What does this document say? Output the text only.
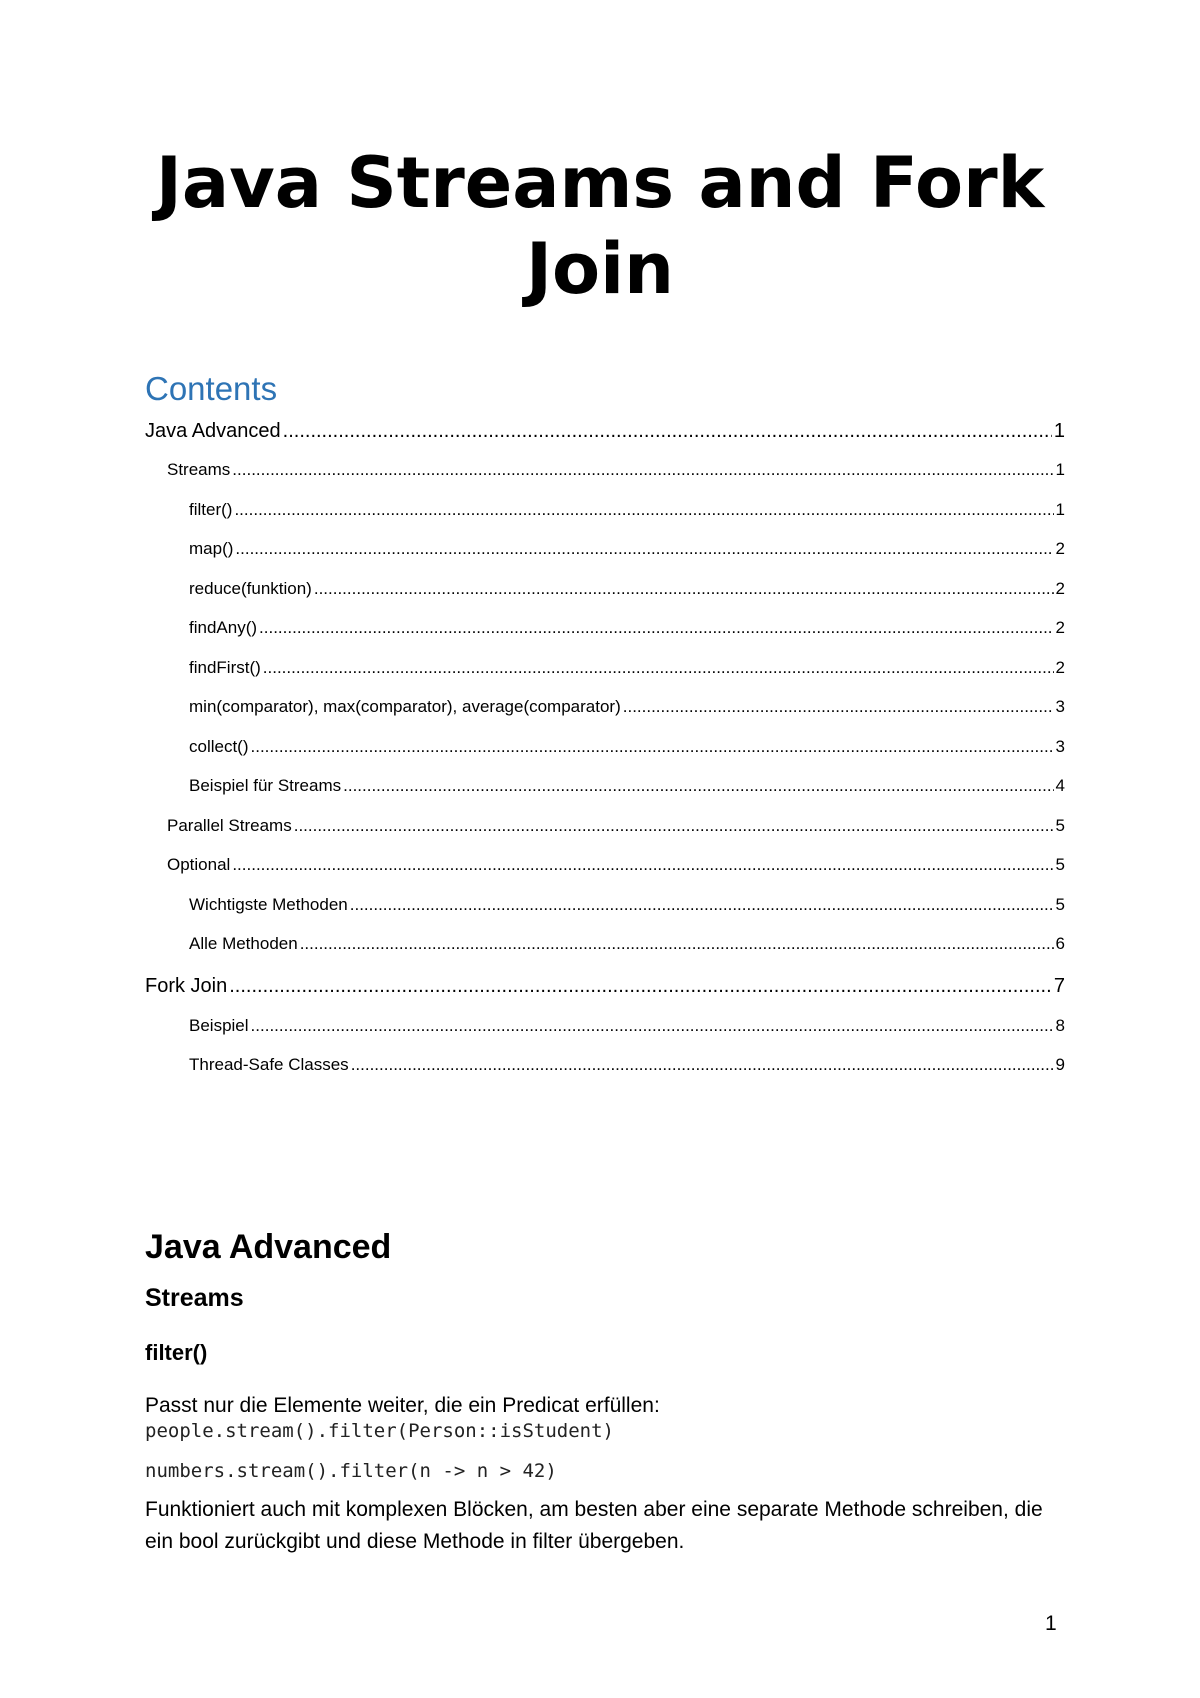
Java Streams and Fork Join
Contents
Java Advanced .....	1
Streams .....	1
filter() .....	1
map() .....	2
reduce(funktion) .....	2
findAny() .....	2
findFirst() .....	2
min(comparator), max(comparator), average(comparator) .....	3
collect() .....	3
Beispiel für Streams .....	4
Parallel Streams .....	5
Optional .....	5
Wichtigste Methoden .....	5
Alle Methoden .....	6
Fork Join .....	7
Beispiel .....	8
Thread-Safe Classes .....	9
Java Advanced
Streams
filter()

Passt nur die Elemente weiter, die ein Predicat erfüllen:

people.stream().filter(Person::isStudent)
numbers.stream().filter(n -> n > 42)

Funktioniert auch mit komplexen Blöcken, am besten aber eine separate Methode schreiben, die ein bool zurückgibt und diese Methode in filter übergeben.

1
